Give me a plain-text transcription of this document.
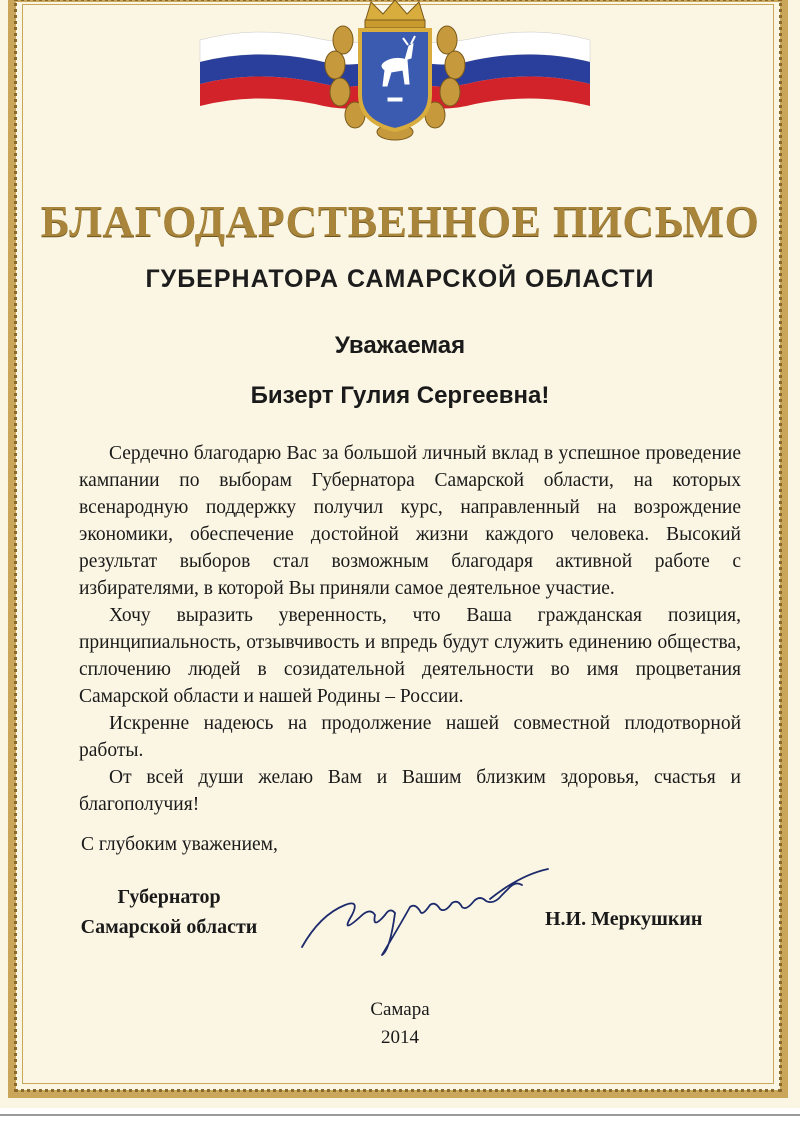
БЛАГОДАРСТВЕННОЕ ПИСЬМО
ГУБЕРНАТОРА САМАРСКОЙ ОБЛАСТИ
Уважаемая
Бизерт Гулия Сергеевна!

Сердечно благодарю Вас за большой личный вклад в успешное проведение кампании по выборам Губернатора Самарской области, на которых всенародную поддержку получил курс, направленный на возрождение экономики, обеспечение достойной жизни каждого человека. Высокий результат выборов стал возможным благодаря активной работе с избирателями, в которой Вы приняли самое деятельное участие.

Хочу выразить уверенность, что Ваша гражданская позиция, принципиальность, отзывчивость и впредь будут служить единению общества, сплочению людей в созидательной деятельности во имя процветания Самарской области и нашей Родины – России.

Искренне надеюсь на продолжение нашей совместной плодотворной работы.

От всей души желаю Вам и Вашим близким здоровья, счастья и благополучия!

С глубоким уважением,
Губернатор
Самарской области	Н.И. Меркушкин
Самара
2014
